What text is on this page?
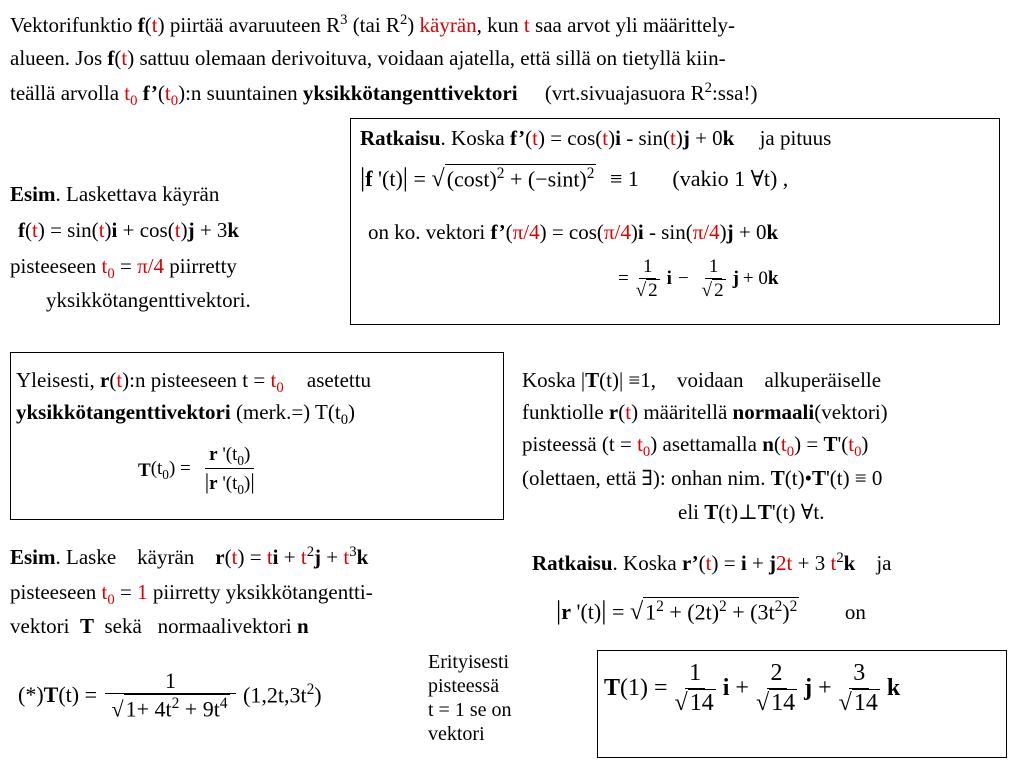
Vektorifunktio f(t) piirtää avaruuteen $R^3$ (tai $R^2$) käyrän, kun t saa arvot yli määrittely-
alueen. Jos f(t) sattuu olemaan derivoituva, voidaan ajatella, että sillä on tietyllä kiin-
teällä arvolla $t_0$ $f’(t_0):n$ suuntainen yksikkötangenttivektori (vrt.sivuajasuora $R^2:ssa$!)
Esim. Laskettava käyrän
f(t) = sin(t)i + cos(t)j + 3k
pisteeseen $t_0 = \pi/4$ piirretty
yksikkötangenttivektori.
Ratkaisu. Koska f’(t) = cos(t)i - sin(t)j + 0k ja pituus
|f '$(t)| = √(\cos t)^2 + (-\sin t)^2 \equiv 1$ (vakio 1 ∀t) ,
on ko. vektori f’(π/4) = cos(π/4)i - sin(π/4)j + 0k
= $\frac{1}{√ 2}$ $i - \frac{1}{√ 2}$ j + 0k
Yleisesti, r(t):n pisteeseen $t = t_0$ asetettu
yksikkötangenttivektori (merk.=) $T(t_0)$
T $(t_0) = \frac{r '(t_0)}{|r '(t_0)|}$
Koska |T(t)| ≡1,    voidaan    alkuperäiselle
funktiolle r(t) määritellä normaali(vektori)
pisteessä $(t = t_0)$ asettamalla $n(t_0) = T'(t_0)$
(olettaen, että ∃): onhan nim. T(t)•T'(t) ≡ 0
eli T(t)⊥T'(t) ∀t.
Esim. Laske    käyrän    r(t) = ti + $t^2j + t^3k$
pisteeseen $t_0 = 1$ piirretty yksikkötangentti-
vektori  T  sekä   normaalivektori n
Ratkaisu. Koska r’(t) = i + j2t + 3 $t^2k$    ja
|r '$(t)| = √1^2 + (2t)^2 + (3t^2)^2$ on
$(*)T(t) = \frac{1}{√1+ 4t^2 + 9t^4} (1,2t,3t^2)$
Erityisesti
pisteessä
t = 1 se on
vektori
$T(1) = \frac{1}{√14}$ $i + \frac{2}{√14}$ $j + \frac{3}{√14}$ k
